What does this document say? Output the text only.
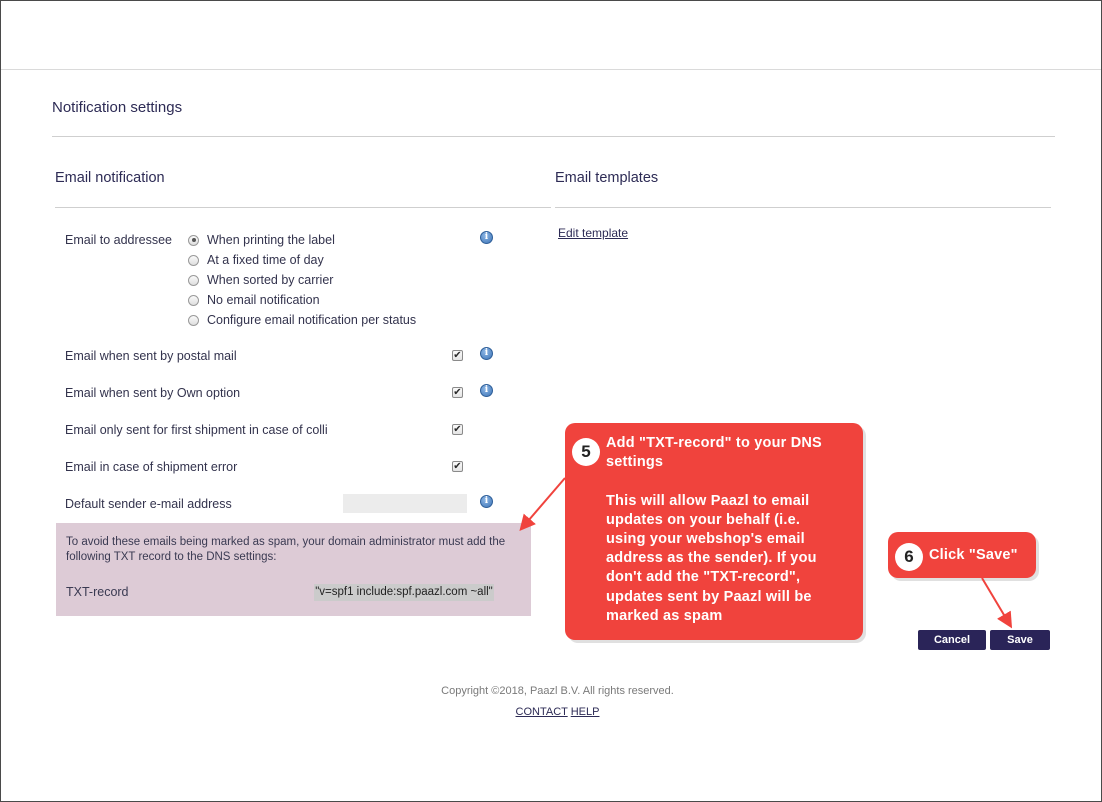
Notification settings
Email notification	Email templates
Email to addressee	i
When printing the label
At a fixed time of day
When sorted by carrier
No email notification
Configure email notification per status
Email when sent by postal mail	✔	i
Email when sent by Own option	✔	i
Email only sent for first shipment in case of colli	✔
Email in case of shipment error	✔
Default sender e-mail address	i
To avoid these emails being marked as spam, your domain administrator must add the following TXT record to the DNS settings:
TXT-record	"v=spf1 include:spf.paazl.com ~all"
Edit template
5	Add "TXT-record" to your DNS
settings
This will allow Paazl to email
updates on your behalf (i.e.
using your webshop's email
address as the sender). If you
don't add the "TXT-record",
updates sent by Paazl will be
marked as spam
6	Click "Save"
Cancel	Save
Copyright ©2018, Paazl B.V. All rights reserved.
CONTACT HELP
